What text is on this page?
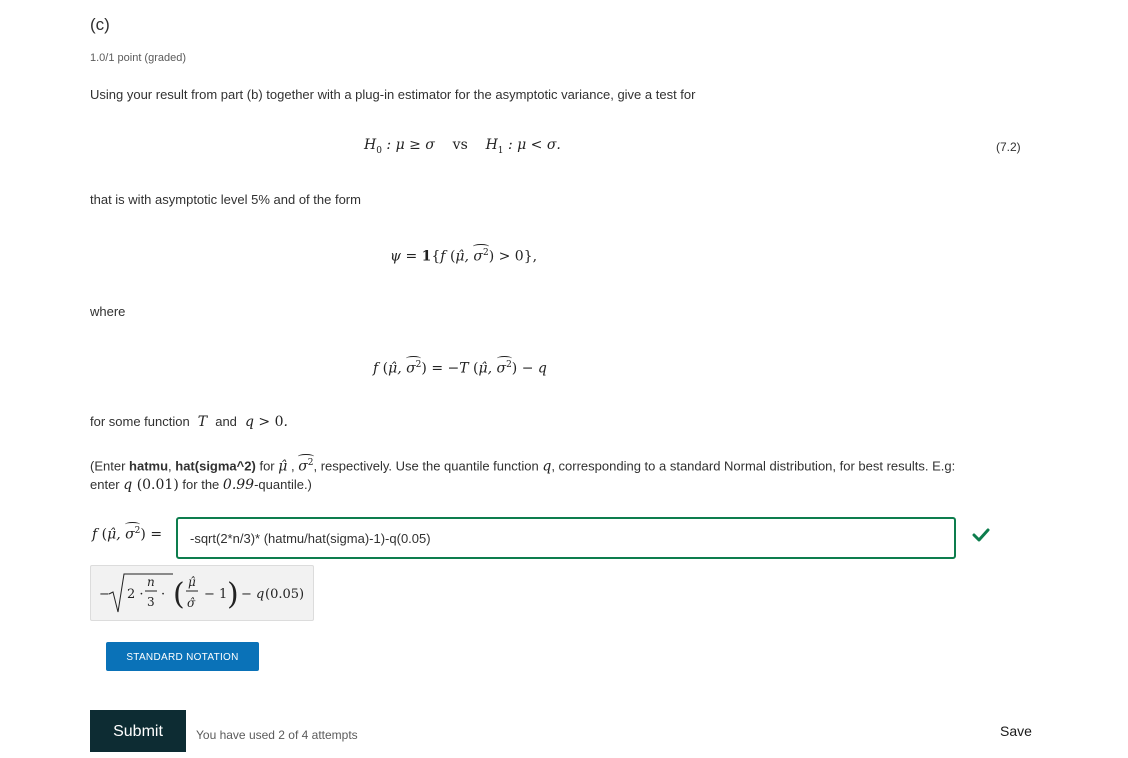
(c)
1.0/1 point (graded)
Using your result from part (b) together with a plug-in estimator for the asymptotic variance, give a test for
$H_0$ : μ ≥ σ    vs    $H_1$ : μ < σ.	(7.2)
that is with asymptotic level 5% and of the form
ψ = 1{f (μ̂, $\sigma^2) > 0$},
where
f (μ̂, $\sigma^2) = -T$ (μ̂, $\sigma^2) - q$
for some function  T  and  q > 0.
(Enter hatmu, hat(sigma^2) for μ̂ , $\sigma^2$, respectively. Use the quantile function q, corresponding to a standard Normal distribution, for best results. E.g:
enter q (0.01) for the 0.99-quantile.)
f (μ̂, $\sigma^2$) =
-sqrt(2*n/3)* (hatmu/hat(sigma)-1)-q(0.05)
− 2 ·
n
3 · ( μ̂
σ̂
− 1 ) − q (0.05)
STANDARD NOTATION
Submit	You have used 2 of 4 attempts	Save
